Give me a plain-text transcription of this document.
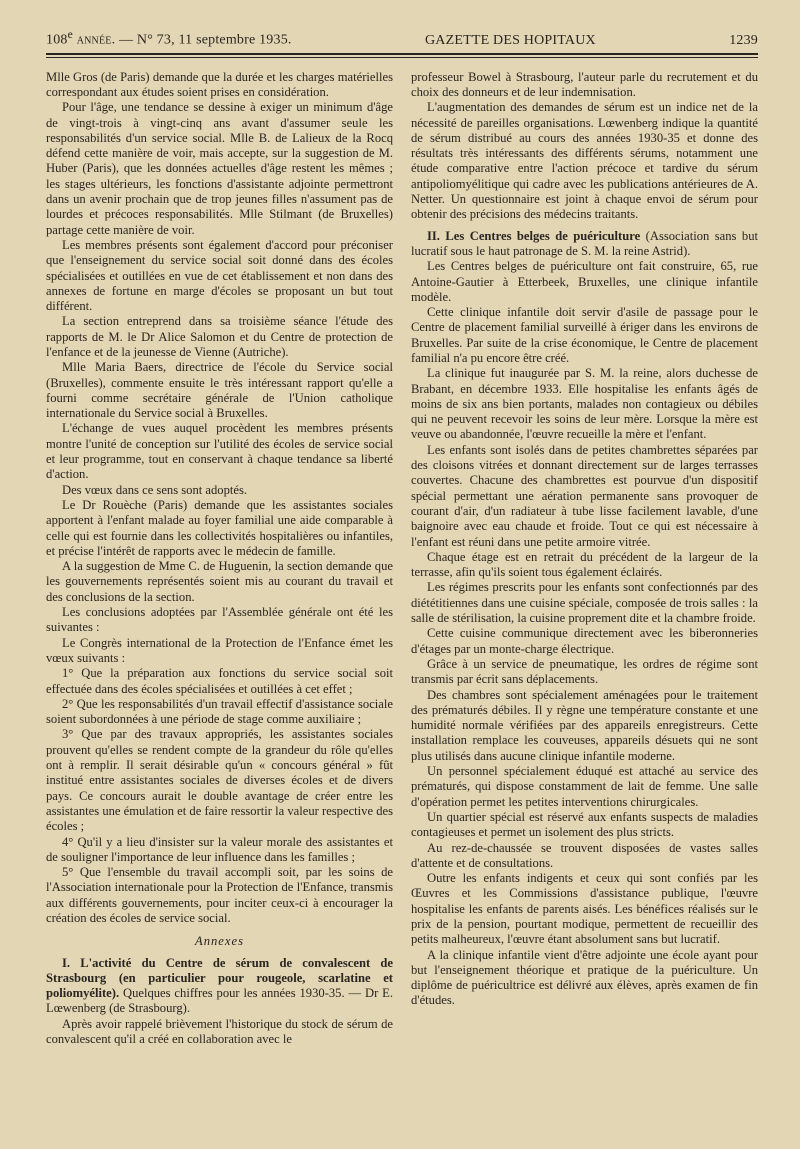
108e année. — N° 73, 11 septembre 1935.	GAZETTE DES HOPITAUX	1239

Mlle Gros (de Paris) demande que la durée et les charges matérielles correspondant aux études soient prises en considération.

Pour l'âge, une tendance se dessine à exiger un minimum d'âge de vingt-trois à vingt-cinq ans avant d'assumer seule les responsabilités d'un service social. Mlle B. de Lalieux de la Rocq défend cette manière de voir, mais accepte, sur la suggestion de M. Huber (Paris), que les données actuelles d'âge restent les mêmes ; les stages ultérieurs, les fonctions d'assistante adjointe permettront dans un avenir prochain que de trop jeunes filles n'assument pas de lourdes et précoces responsabilités. Mlle Stilmant (de Bruxelles) partage cette manière de voir.

Les membres présents sont également d'accord pour préconiser que l'enseignement du service social soit donné dans des écoles spécialisées et outillées en vue de cet établissement et non dans des annexes de fortune en marge d'écoles se proposant un but tout différent.

La section entreprend dans sa troisième séance l'étude des rapports de M. le Dr Alice Salomon et du Centre de protection de l'enfance et de la jeunesse de Vienne (Autriche).

Mlle Maria Baers, directrice de l'école du Service social (Bruxelles), commente ensuite le très intéressant rapport qu'elle a fourni comme secrétaire générale de l'Union catholique internationale du Service social à Bruxelles.

L'échange de vues auquel procèdent les membres présents montre l'unité de conception sur l'utilité des écoles de service social et leur programme, tout en conservant à chaque tendance sa liberté d'action.

Des vœux dans ce sens sont adoptés.

Le Dr Rouèche (Paris) demande que les assistantes sociales apportent à l'enfant malade au foyer familial une aide comparable à celle qui est fournie dans les collectivités hospitalières ou infantiles, et précise l'intérêt de rapports avec le médecin de famille.

A la suggestion de Mme C. de Huguenin, la section demande que les gouvernements représentés soient mis au courant du travail et des conclusions de la section.

Les conclusions adoptées par l'Assemblée générale ont été les suivantes :

Le Congrès international de la Protection de l'Enfance émet les vœux suivants :

1° Que la préparation aux fonctions du service social soit effectuée dans des écoles spécialisées et outillées à cet effet ;

2° Que les responsabilités d'un travail effectif d'assistance sociale soient subordonnées à une période de stage comme auxiliaire ;

3° Que par des travaux appropriés, les assistantes sociales prouvent qu'elles se rendent compte de la grandeur du rôle qu'elles ont à remplir. Il serait désirable qu'un « concours général » fût institué entre assistantes sociales de diverses écoles et de divers pays. Ce concours aurait le double avantage de créer entre les assistantes une émulation et de faire ressortir la valeur respective des écoles ;

4° Qu'il y a lieu d'insister sur la valeur morale des assistantes et de souligner l'importance de leur influence dans les familles ;

5° Que l'ensemble du travail accompli soit, par les soins de l'Association internationale pour la Protection de l'Enfance, transmis aux différents gouvernements, pour inciter ceux-ci à encourager la création des écoles de service social.

Annexes

I. L'activité du Centre de sérum de convalescent de Strasbourg (en particulier pour rougeole, scarlatine et poliomyélite). Quelques chiffres pour les années 1930-35. — Dr E. Lœwenberg (de Strasbourg).

Après avoir rappelé brièvement l'historique du stock de sérum de convalescent qu'il a créé en collaboration avec le

professeur Bowel à Strasbourg, l'auteur parle du recrutement et du choix des donneurs et de leur indemnisation.

L'augmentation des demandes de sérum est un indice net de la nécessité de pareilles organisations. Lœwenberg indique la quantité de sérum distribué au cours des années 1930-35 et donne des résultats très intéressants des différents sérums, notamment une étude comparative entre l'action précoce et tardive du sérum antipoliomyélitique qui cadre avec les publications antérieures de A. Netter. Un questionnaire est joint à chaque envoi de sérum pour obtenir des précisions des médecins traitants.

II. Les Centres belges de puériculture (Association sans but lucratif sous le haut patronage de S. M. la reine Astrid).

Les Centres belges de puériculture ont fait construire, 65, rue Antoine-Gautier à Etterbeek, Bruxelles, une clinique infantile modèle.

Cette clinique infantile doit servir d'asile de passage pour le Centre de placement familial surveillé à ériger dans les environs de Bruxelles. Par suite de la crise économique, le Centre de placement familial n'a pu encore être créé.

La clinique fut inaugurée par S. M. la reine, alors duchesse de Brabant, en décembre 1933. Elle hospitalise les enfants âgés de moins de six ans bien portants, malades non contagieux ou débiles qui ne peuvent recevoir les soins de leur mère. Lorsque la mère est veuve ou abandonnée, l'œuvre recueille la mère et l'enfant.

Les enfants sont isolés dans de petites chambrettes séparées par des cloisons vitrées et donnant directement sur de larges terrasses couvertes. Chacune des chambrettes est pourvue d'un dispositif spécial permettant une aération permanente sans provoquer de courant d'air, d'un radiateur à tube lisse facilement lavable, d'une baignoire avec eau chaude et froide. Tout ce qui est nécessaire à l'enfant est réuni dans une petite armoire vitrée.

Chaque étage est en retrait du précédent de la largeur de la terrasse, afin qu'ils soient tous également éclairés.

Les régimes prescrits pour les enfants sont confectionnés par des diététitiennes dans une cuisine spéciale, composée de trois salles : la salle de stérilisation, la cuisine proprement dite et la chambre froide.

Cette cuisine communique directement avec les biberonneries d'étages par un monte-charge électrique.

Grâce à un service de pneumatique, les ordres de régime sont transmis par écrit sans déplacements.

Des chambres sont spécialement aménagées pour le traitement des prématurés débiles. Il y règne une température constante et une humidité normale vérifiées par des appareils enregistreurs. Cette installation remplace les couveuses, appareils désuets qui ne sont plus utilisés dans aucune clinique infantile moderne.

Un personnel spécialement éduqué est attaché au service des prématurés, qui dispose constamment de lait de femme. Une salle d'opération permet les petites interventions chirurgicales.

Un quartier spécial est réservé aux enfants suspects de maladies contagieuses et permet un isolement des plus stricts.

Au rez-de-chaussée se trouvent disposées de vastes salles d'attente et de consultations.

Outre les enfants indigents et ceux qui sont confiés par les Œuvres et les Commissions d'assistance publique, l'œuvre hospitalise les enfants de parents aisés. Les bénéfices réalisés sur le prix de la pension, pourtant modique, permettent de recueillir des petits malheureux, l'œuvre étant absolument sans but lucratif.

A la clinique infantile vient d'être adjointe une école ayant pour but l'enseignement théorique et pratique de la puériculture. Un diplôme de puéricultrice est délivré aux élèves, après examen de fin d'études.
